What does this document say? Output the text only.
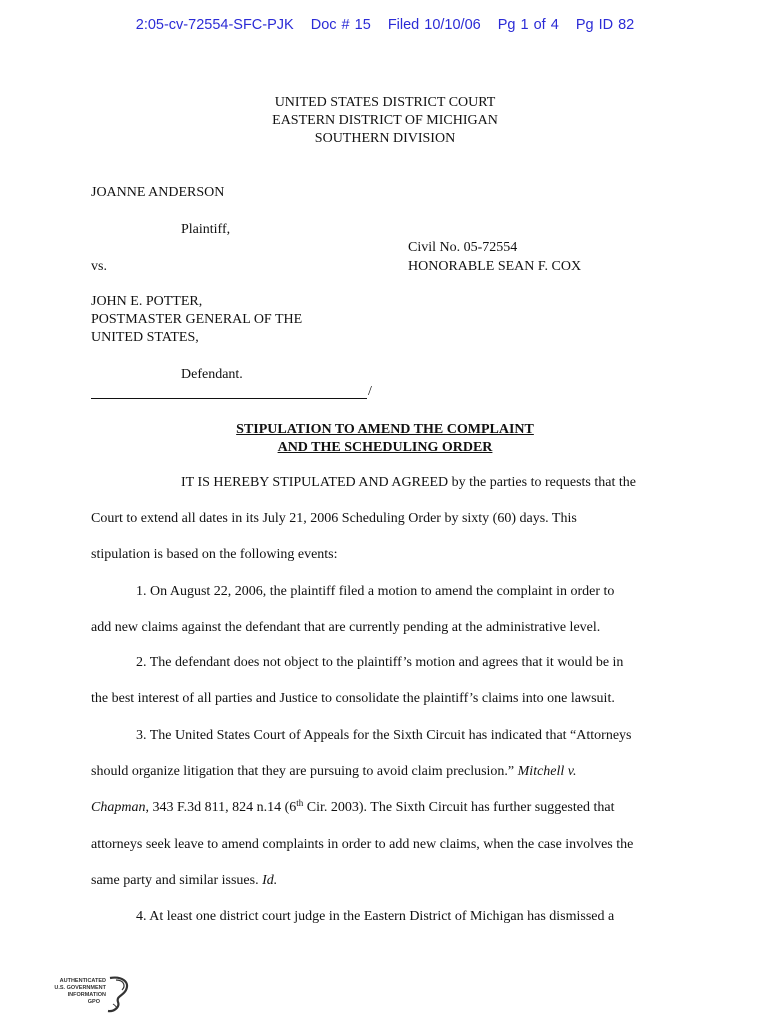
2:05-cv-72554-SFC-PJK Doc # 15 Filed 10/10/06 Pg 1 of 4 Pg ID 82
UNITED STATES DISTRICT COURT
EASTERN DISTRICT OF MICHIGAN
SOUTHERN DIVISION
JOANNE ANDERSON
Plaintiff,
Civil No. 05-72554
vs.	HONORABLE SEAN F. COX
JOHN E. POTTER,
POSTMASTER GENERAL OF THE
UNITED STATES,
Defendant.
/
STIPULATION TO AMEND THE COMPLAINT
AND THE SCHEDULING ORDER
IT IS HEREBY STIPULATED AND AGREED by the parties to requests that the
Court to extend all dates in its July 21, 2006 Scheduling Order by sixty (60) days. This
stipulation is based on the following events:
1. On August 22, 2006, the plaintiff filed a motion to amend the complaint in order to
add new claims against the defendant that are currently pending at the administrative level.
2. The defendant does not object to the plaintiff’s motion and agrees that it would be in
the best interest of all parties and Justice to consolidate the plaintiff’s claims into one lawsuit.
3. The United States Court of Appeals for the Sixth Circuit has indicated that “Attorneys
should organize litigation that they are pursuing to avoid claim preclusion.” Mitchell v.
Chapman, 343 F.3d 811, 824 n.14 (6th Cir. 2003). The Sixth Circuit has further suggested that
attorneys seek leave to amend complaints in order to add new claims, when the case involves the
same party and similar issues. Id.
4. At least one district court judge in the Eastern District of Michigan has dismissed a
AUTHENTICATED
U.S. GOVERNMENT
INFORMATION
GPO
